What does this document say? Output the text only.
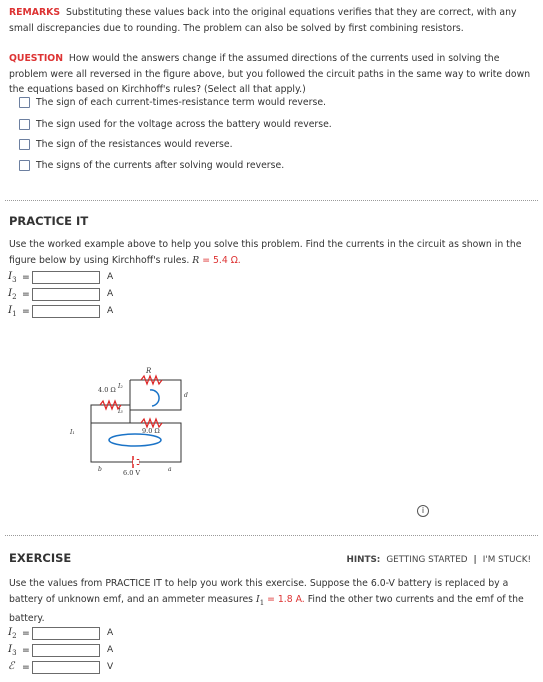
REMARKS Substituting these values back into the original equations verifies that they are correct, with any small discrepancies due to rounding. The problem can also be solved by first combining resistors.
QUESTION How would the answers change if the assumed directions of the currents used in solving the problem were all reversed in the figure above, but you followed the circuit paths in the same way to write down the equations based on Kirchhoff's rules? (Select all that apply.)
The sign of each current-times-resistance term would reverse.
The sign used for the voltage across the battery would reverse.
The sign of the resistances would reverse.
The signs of the currents after solving would reverse.
PRACTICE IT
Use the worked example above to help you solve this problem. Find the currents in the circuit as shown in the figure below by using Kirchhoff's rules. R = 5.4 Ω.
$I_3$ =	A
$I_2$ =	A
$I_1$ =	A
4.0 Ω
R
9.0 Ω
6.0 V
b	a
d
I₂
I₃
I₁
i
EXERCISE	HINTS: GETTING STARTED | I'M STUCK!
Use the values from PRACTICE IT to help you work this exercise. Suppose the 6.0-V battery is replaced by a battery of unknown emf, and an ammeter measures $I_1 = 1.8$ A. Find the other two currents and the emf of the battery.
$I_2$ =	A
$I_3$ =	A
ℰ =	V
